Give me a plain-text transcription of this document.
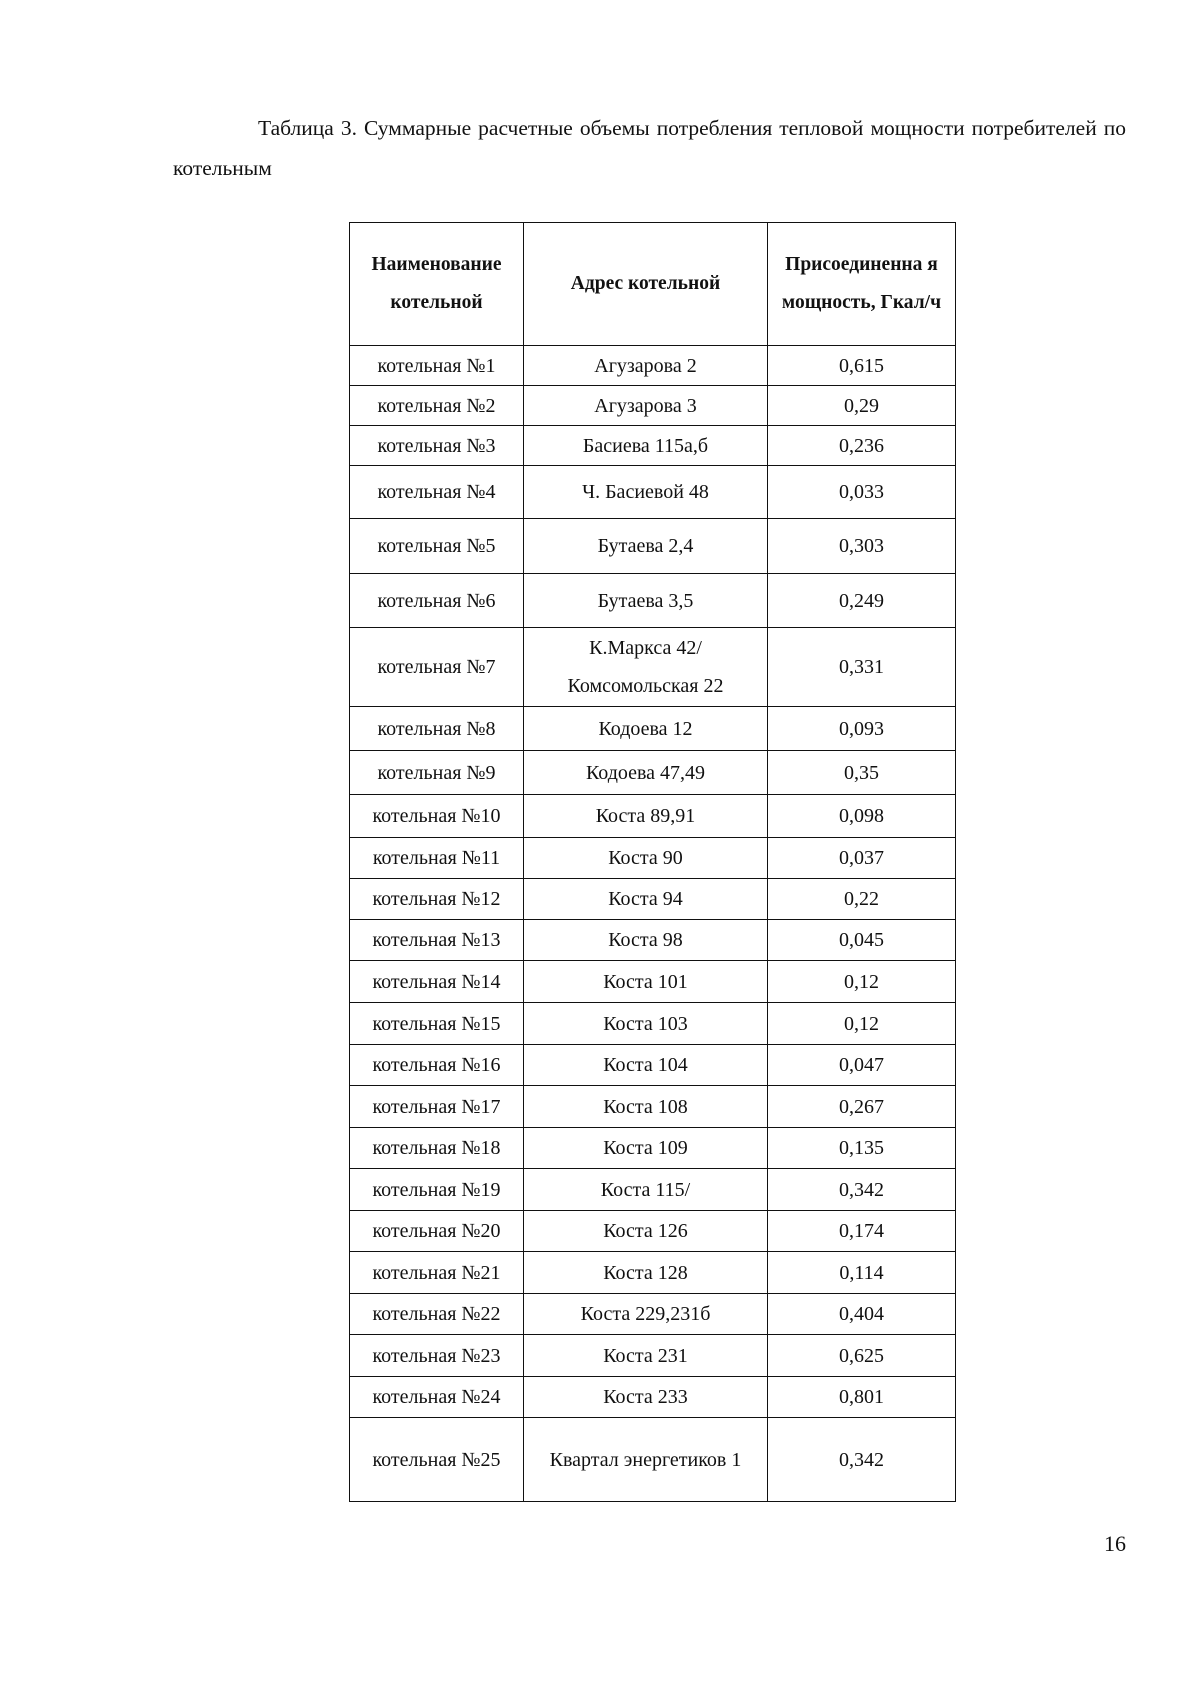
Таблица 3. Суммарные расчетные объемы потребления тепловой мощности потребителей по котельным

Наименование котельной	Адрес котельной	Присоединенна я мощность, Гкал/ч
котельная №1	Агузарова 2	0,615
котельная №2	Агузарова 3	0,29
котельная №3	Басиева 115а,б	0,236
котельная №4	Ч. Басиевой 48	0,033
котельная №5	Бутаева 2,4	0,303
котельная №6	Бутаева 3,5	0,249
котельная №7	К.Маркса 42/Комсомольская 22	0,331
котельная №8	Кодоева 12	0,093
котельная №9	Кодоева 47,49	0,35
котельная №10	Коста 89,91	0,098
котельная №11	Коста 90	0,037
котельная №12	Коста 94	0,22
котельная №13	Коста 98	0,045
котельная №14	Коста 101	0,12
котельная №15	Коста 103	0,12
котельная №16	Коста 104	0,047
котельная №17	Коста 108	0,267
котельная №18	Коста 109	0,135
котельная №19	Коста 115/	0,342
котельная №20	Коста 126	0,174
котельная №21	Коста 128	0,114
котельная №22	Коста 229,231б	0,404
котельная №23	Коста 231	0,625
котельная №24	Коста 233	0,801
котельная №25	Квартал энергетиков 1	0,342
16
